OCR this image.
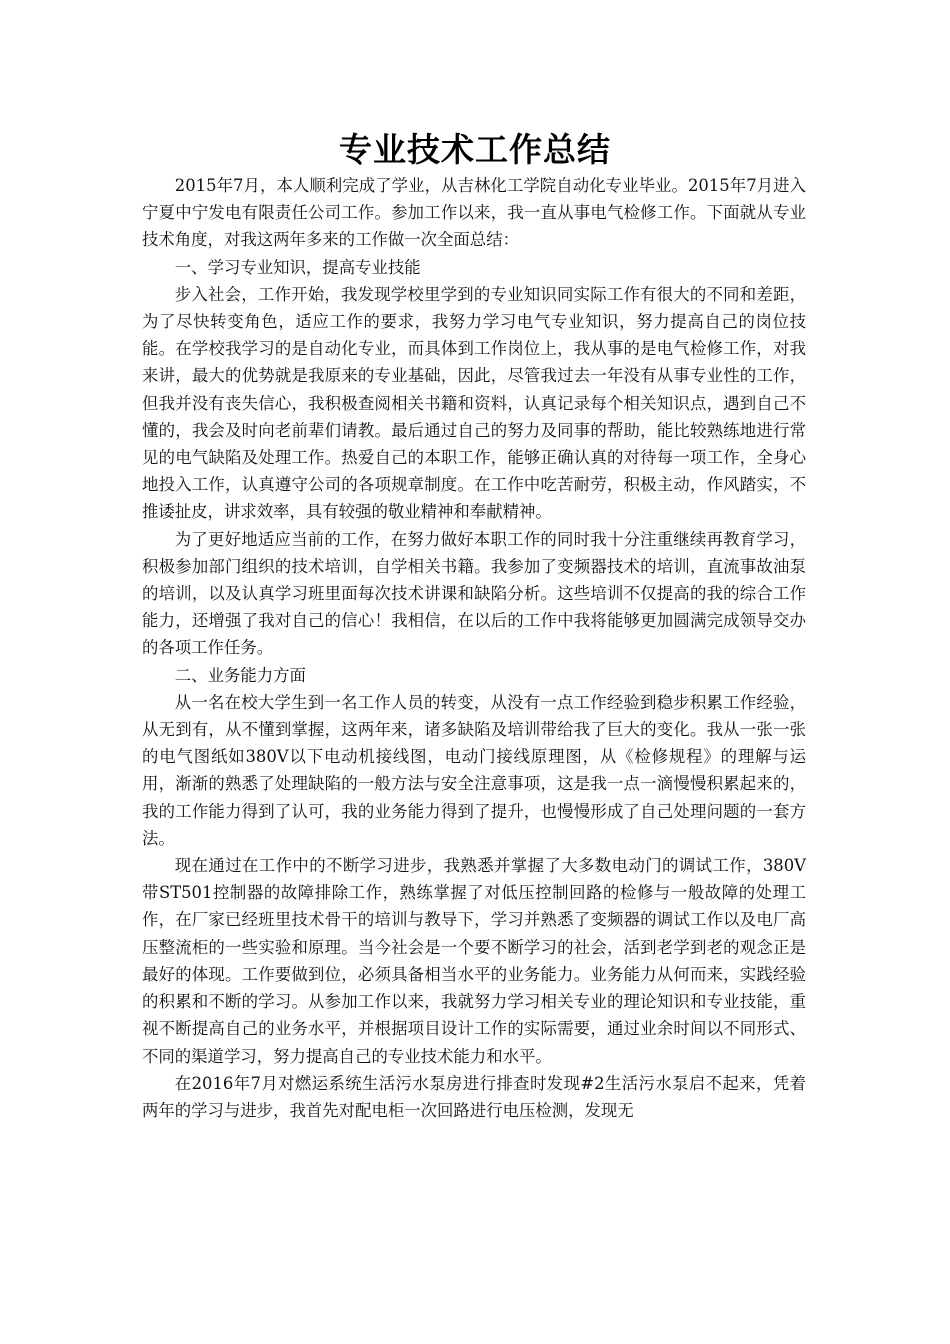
专业技术工作总结

2015年7月，本人顺利完成了学业，从吉林化工学院自动化专业毕业。2015年7月进入宁夏中宁发电有限责任公司工作。参加工作以来，我一直从事电气检修工作。下面就从专业技术角度，对我这两年多来的工作做一次全面总结：

一、学习专业知识，提高专业技能

步入社会，工作开始，我发现学校里学到的专业知识同实际工作有很大的不同和差距，为了尽快转变角色，适应工作的要求，我努力学习电气专业知识，努力提高自己的岗位技能。在学校我学习的是自动化专业，而具体到工作岗位上，我从事的是电气检修工作，对我来讲，最大的优势就是我原来的专业基础，因此，尽管我过去一年没有从事专业性的工作，但我并没有丧失信心，我积极查阅相关书籍和资料，认真记录每个相关知识点，遇到自己不懂的，我会及时向老前辈们请教。最后通过自己的努力及同事的帮助，能比较熟练地进行常见的电气缺陷及处理工作。热爱自己的本职工作，能够正确认真的对待每一项工作，全身心地投入工作，认真遵守公司的各项规章制度。在工作中吃苦耐劳，积极主动，作风踏实，不推诿扯皮，讲求效率，具有较强的敬业精神和奉献精神。

为了更好地适应当前的工作，在努力做好本职工作的同时我十分注重继续再教育学习，积极参加部门组织的技术培训，自学相关书籍。我参加了变频器技术的培训，直流事故油泵的培训，以及认真学习班里面每次技术讲课和缺陷分析。这些培训不仅提高的我的综合工作能力，还增强了我对自己的信心！我相信，在以后的工作中我将能够更加圆满完成领导交办的各项工作任务。

二、业务能力方面

从一名在校大学生到一名工作人员的转变，从没有一点工作经验到稳步积累工作经验，从无到有，从不懂到掌握，这两年来，诸多缺陷及培训带给我了巨大的变化。我从一张一张的电气图纸如380V以下电动机接线图，电动门接线原理图，从《检修规程》的理解与运用，渐渐的熟悉了处理缺陷的一般方法与安全注意事项，这是我一点一滴慢慢积累起来的，我的工作能力得到了认可，我的业务能力得到了提升，也慢慢形成了自己处理问题的一套方法。

现在通过在工作中的不断学习进步，我熟悉并掌握了大多数电动门的调试工作，380V带ST501控制器的故障排除工作，熟练掌握了对低压控制回路的检修与一般故障的处理工作，在厂家已经班里技术骨干的培训与教导下，学习并熟悉了变频器的调试工作以及电厂高压整流柜的一些实验和原理。当今社会是一个要不断学习的社会，活到老学到老的观念正是最好的体现。工作要做到位，必须具备相当水平的业务能力。业务能力从何而来，实践经验的积累和不断的学习。从参加工作以来，我就努力学习相关专业的理论知识和专业技能，重视不断提高自己的业务水平，并根据项目设计工作的实际需要，通过业余时间以不同形式、不同的渠道学习，努力提高自己的专业技术能力和水平。

在2016年7月对燃运系统生活污水泵房进行排查时发现#2生活污水泵启不起来，凭着两年的学习与进步，我首先对配电柜一次回路进行电压检测，发现无
